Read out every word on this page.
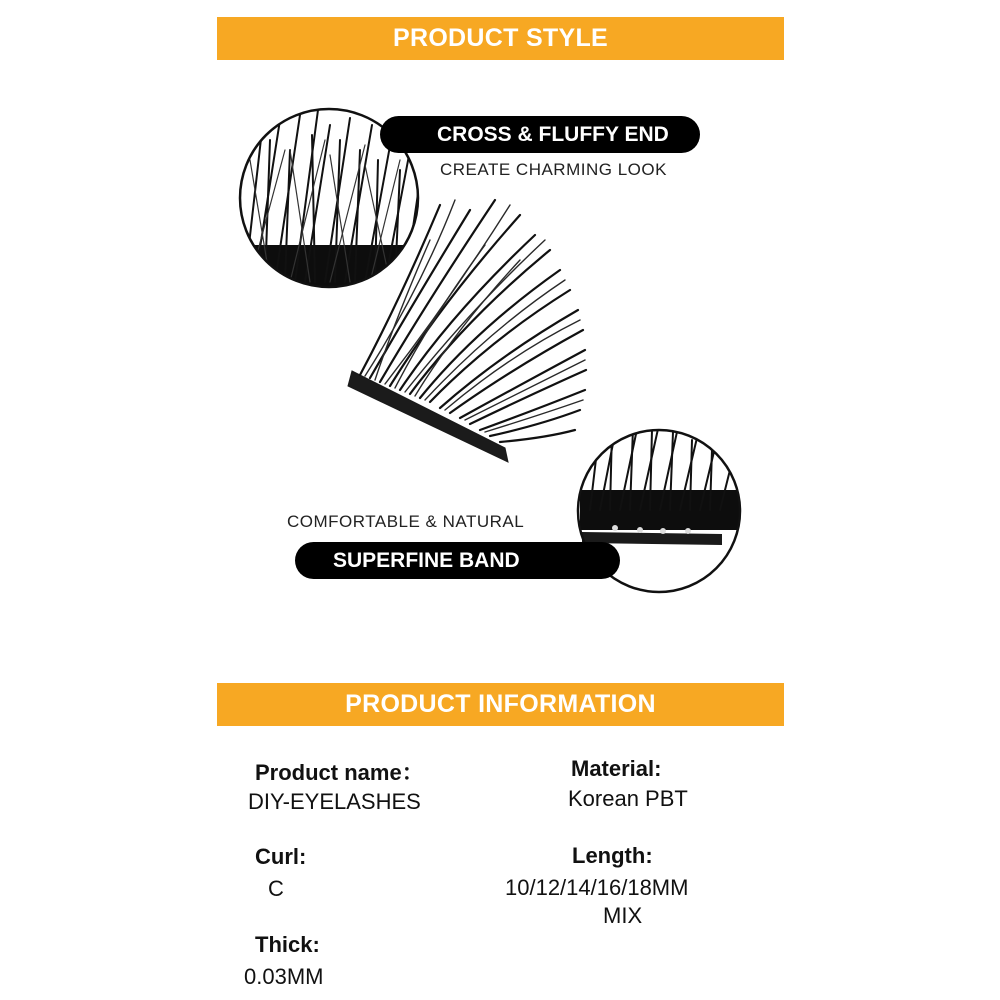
PRODUCT STYLE
CROSS & FLUFFY END
CREATE CHARMING LOOK
COMFORTABLE & NATURAL
SUPERFINE BAND
PRODUCT INFORMATION
Product name：
DIY-EYELASHES
Material:
Korean PBT
Curl:
C
Length:
10/12/14/16/18MM
MIX
Thick:
0.03MM
